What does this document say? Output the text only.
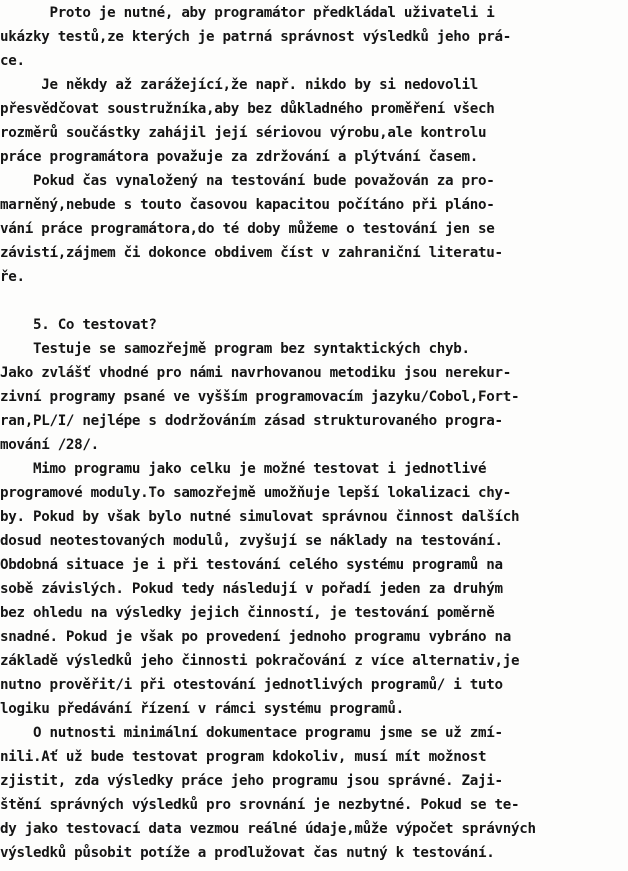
Proto je nutné, aby programátor předkládal uživateli i
ukázky testů,ze kterých je patrná správnost výsledků jeho prá-
ce.
Je někdy až zarážející,že např. nikdo by si nedovolil
přesvědčovat soustružníka,aby bez důkladného proměření všech
rozměrů součástky zahájil její sériovou výrobu,ale kontrolu
práce programátora považuje za zdržování a plýtvání časem.
Pokud čas vynaložený na testování bude považován za pro-
marněný,nebude s touto časovou kapacitou počítáno při pláno-
vání práce programátora,do té doby můžeme o testování jen se
závistí,zájmem či dokonce obdivem číst v zahraniční literatu-
ře.
5. Co testovat?
Testuje se samozřejmě program bez syntaktických chyb.
Jako zvlášť vhodné pro námi navrhovanou metodiku jsou nerekur-
zivní programy psané ve vyšším programovacím jazyku/Cobol,Fort-
ran,PL/I/ nejlépe s dodržováním zásad strukturovaného progra-
mování /28/.
Mimo programu jako celku je možné testovat i jednotlivé
programové moduly.To samozřejmě umožňuje lepší lokalizaci chy-
by. Pokud by však bylo nutné simulovat správnou činnost dalších
dosud neotestovaných modulů, zvyšují se náklady na testování.
Obdobná situace je i při testování celého systému programů na
sobě závislých. Pokud tedy následují v pořadí jeden za druhým
bez ohledu na výsledky jejich činností, je testování poměrně
snadné. Pokud je však po provedení jednoho programu vybráno na
základě výsledků jeho činnosti pokračování z více alternativ,je
nutno prověřit/i při otestování jednotlivých programů/ i tuto
logiku předávání řízení v rámci systému programů.
O nutnosti minimální dokumentace programu jsme se už zmí-
nili.Ať už bude testovat program kdokoliv, musí mít možnost
zjistit, zda výsledky práce jeho programu jsou správné. Zaji-
štění správných výsledků pro srovnání je nezbytné. Pokud se te-
dy jako testovací data vezmou reálné údaje,může výpočet správných
výsledků působit potíže a prodlužovat čas nutný k testování.
